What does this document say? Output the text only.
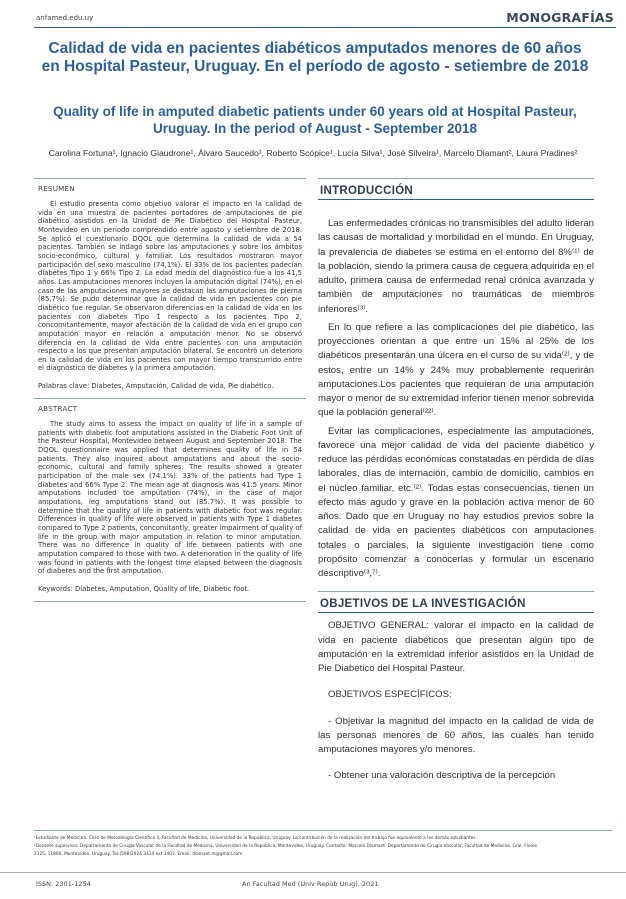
anfamed.edu.uy	MONOGRAFÍAS
Calidad de vida en pacientes diabéticos amputados menores de 60 años en Hospital Pasteur, Uruguay. En el período de agosto - setiembre de 2018
Quality of life in amputed diabetic patients under 60 years old at Hospital Pasteur, Uruguay. In the period of August - September 2018
Carolina Fortuna¹, Ignacio Giaudrone¹, Álvaro Saucedo¹, Roberto Scópice¹, Lucía Silva¹, José Silveira¹, Marcelo Diamant², Laura Pradines²
RESUMEN

El estudio presenta como objetivo valorar el impacto en la calidad de vida en una muestra de pacientes portadores de amputaciones de pie diabético asistidos en la Unidad de Pie Diabético del Hospital Pasteur, Montevideo en un período comprendido entre agosto y setiembre de 2018. Se aplicó el cuestionario DQOL que determina la calidad de vida a 54 pacientes. También se indagó sobre las amputaciones y sobre los ámbitos socio-económico, cultural y familiar. Los resultados mostraron mayor participación del sexo masculino (74,1%). El 33% de los pacientes padecían diabetes Tipo 1 y 66% Tipo 2. La edad media del diagnóstico fue a los 41,5 años. Las amputaciones menores incluyen la amputación digital (74%), en el caso de las amputaciones mayores se destacan las amputaciones de pierna (85,7%). Se pudo determinar que la calidad de vida en pacientes con pie diabético fue regular. Se observaron diferencias en la calidad de vida en los pacientes con diabetes Tipo 1 respecto a los pacientes Tipo 2, concomitantemente, mayor afectación de la calidad de vida en el grupo con amputación mayor en relación a amputación menor. No se observó diferencia en la calidad de vida entre pacientes con una amputación respecto a los que presentan amputación bilateral. Se encontró un deterioro en la calidad de vida en los pacientes con mayor tiempo transcurrido entre el diagnóstico de diabetes y la primera amputación.

Palabras clave: Diabetes, Amputación, Calidad de vida, Pie diabético.
ABSTRACT

The study aims to assess the impact on quality of life in a sample of patients with diabetic foot amputations assisted in the Diabetic Foot Unit of the Pasteur Hospital, Montevideo between August and September 2018. The DQOL questionnaire was applied that determines quality of life in 54 patients. They also inquired about amputations and about the socio-economic, cultural and family spheres. The results showed a greater participation of the male sex (74.1%). 33% of the patients had Type 1 diabetes and 66% Type 2. The mean age at diagnosis was 41.5 years. Minor amputations included toe amputation (74%), in the case of major amputations, leg amputations stand out (85.7%). It was possible to determine that the quality of life in patients with diabetic foot was regular. Differences in quality of life were observed in patients with Type 1 diabetes compared to Type 2 patients, concomitantly, greater impairment of quality of life in the group with major amputation in relation to minor amputation. There was no difference in quality of life between patients with one amputation compared to those with two. A deterioration in the quality of life was found in patients with the longest time elapsed between the diagnosis of diabetes and the first amputation.

Keywords: Diabetes, Amputation, Quality of life, Diabetic foot.
INTRODUCCIÓN

Las enfermedades crónicas no transmisibles del adulto lideran las causas de mortalidad y morbilidad en el mundo. En Uruguay, la prevalencia de diabetes se estima en el entorno del 8%⁽¹⁾ de la población, siendo la primera causa de ceguera adquirida en el adulto, primera causa de enfermedad renal crónica avanzada y también de amputaciones no traumáticas de miembros inferiores⁽³⁾.

En lo que refiere a las complicaciones del pie diabético, las proyecciones orientan a que entre un 15% al 25% de los diabéticos presentarán una úlcera en el curso de su vida⁽²⁾, y de estos, entre un 14% y 24% muy probablemente requerirán amputaciones.Los pacientes que requieran de una amputación mayor o menor de su extremidad inferior tienen menor sobrevida que la población general⁽²²⁾.

Evitar las complicaciones, especialmente las amputaciones, favorece una mejor calidad de vida del paciente diabético y reduce las pérdidas económicas constatadas en pérdida de días laborales, días de internación, cambio de domicilio, cambios en el núcleo familiar, etc.⁽²⁾. Todas estas consecuencias, tienen un efecto más agudo y grave en la población activa menor de 60 años. Dado que en Uruguay no hay estudios previos sobre la calidad de vida en pacientes diabéticos con amputaciones totales o parciales, la siguiente investigación tiene como propósito comenzar a conocerlas y formular un escenario descriptivo⁽³,⁷⁾.

OBJETIVOS DE LA INVESTIGACIÓN

OBJETIVO GENERAL: valorar el impacto en la calidad de vida en paciente diabéticos que presentan algún tipo de amputación en la extremidad inferior asistidos en la Unidad de Pie Diabetico del Hospital Pasteur.

OBJETIVOS ESPECÍFICOS:

- Objetivar la magnitud del impacto en la calidad de vida de las personas menores de 60 años, las cuales han tenido amputaciones mayores y/o menores.

- Obtener una valoración descriptiva de la percepción

¹Estudiante de Medicina. Ciclo de Metodología Científica II, Facultad de Medicina, Universidad de la República, Uruguay. La contribución de la realización del trabajo fue equivalente a los demás estudiantes.

²Docente supervisor. Departamento de Cirugía Vascular de la Facultad de Medicina, Universidad de la República, Montevideo, Uruguay. Contacto: Marcelo Diamant. Departamento de Cirugía Vascular, Facultad de Medicina. Gral. Flores

2125, 11800. Montevideo, Uruguay. Tel:(598)2924 3414 ext 3403. Email: diamant.m@gmail.com

ISSN: 2301-1254	An Facultad Med (Univ Repúb Urug). 2021
